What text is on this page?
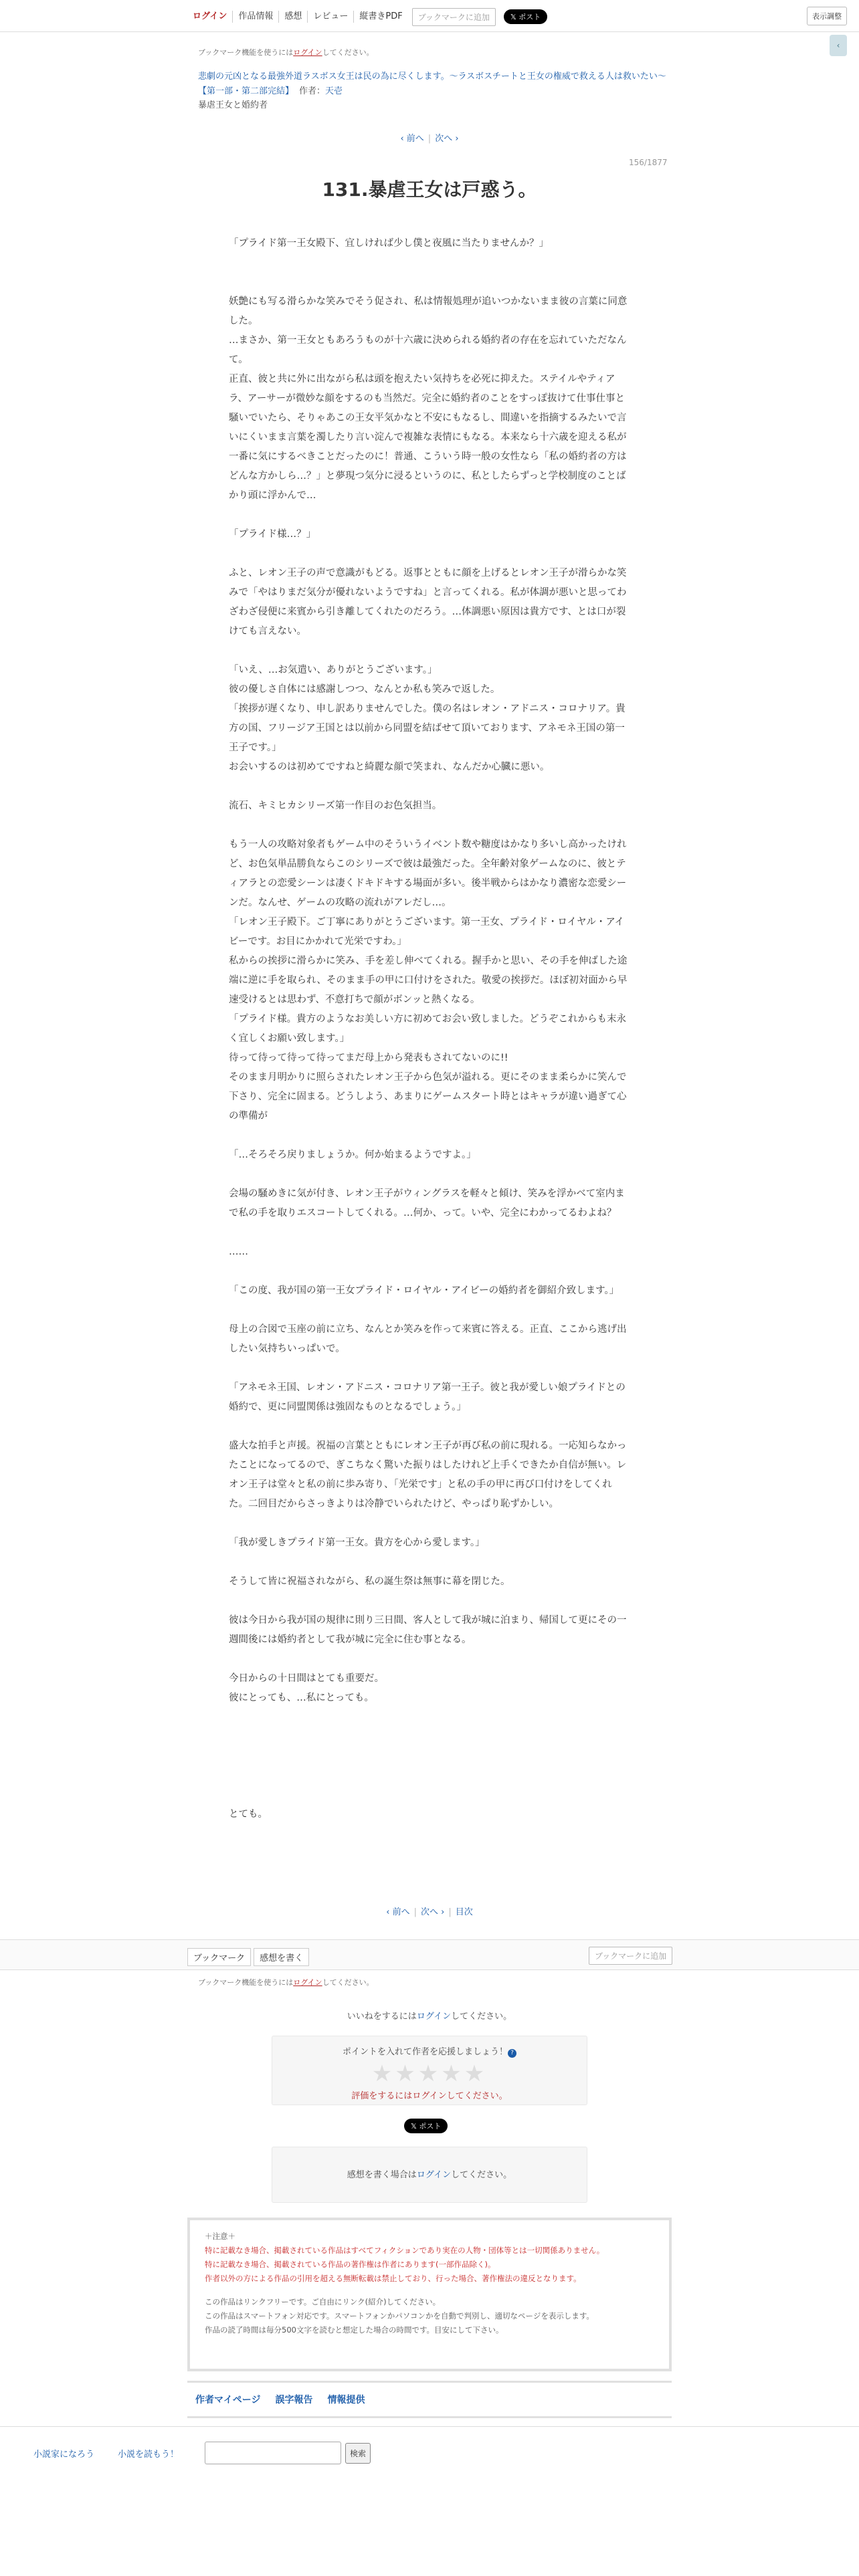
ログイン	作品情報	感想	レビュー	縦書きPDF	ブックマークに追加	𝕏 ポスト	表示調整
‹
ブックマーク機能を使うにはログインしてください。
悲劇の元凶となる最強外道ラスボス女王は民の為に尽くします。〜ラスボスチートと王女の権威で救える人は救いたい〜【第一部・第二部完結】 作者：天壱
暴虐王女と婚約者
‹ 前へ | 次へ ›
156/1877
131.暴虐王女は戸惑う。

「プライド第一王女殿下、宜しければ少し僕と夜風に当たりませんか？」

妖艶にも写る滑らかな笑みでそう促され、私は情報処理が追いつかないまま彼の言葉に同意した。
…まさか、第一王女ともあろうものが十六歳に決められる婚約者の存在を忘れていただなんて。
正直、彼と共に外に出ながら私は頭を抱えたい気持ちを必死に抑えた。ステイルやティアラ、アーサーが微妙な顔をするのも当然だ。完全に婚約者のことをすっぽ抜けて仕事仕事と騒いでいたら、そりゃあこの王女平気かなと不安にもなるし、間違いを指摘するみたいで言いにくいまま言葉を濁したり言い淀んで複雑な表情にもなる。本来なら十六歳を迎える私が一番に気にするべきことだったのに！普通、こういう時一般の女性なら「私の婚約者の方はどんな方かしら…？」と夢現つ気分に浸るというのに、私としたらずっと学校制度のことばかり頭に浮かんで…

「プライド様…？」

ふと、レオン王子の声で意識がもどる。返事とともに顔を上げるとレオン王子が滑らかな笑みで「やはりまだ気分が優れないようですね」と言ってくれる。私が体調が悪いと思ってわざわざ侵便に来賓から引き離してくれたのだろう。…体調悪い原因は貴方です、とは口が裂けても言えない。

「いえ、…お気遣い、ありがとうございます。」
彼の優しさ自体には感謝しつつ、なんとか私も笑みで返した。
「挨拶が遅くなり、申し訳ありませんでした。僕の名はレオン・アドニス・コロナリア。貴方の国、フリージア王国とは以前から同盟を結ばせて頂いております、アネモネ王国の第一王子です。」
お会いするのは初めてですねと綺麗な顔で笑まれ、なんだか心臓に悪い。

流石、キミヒカシリーズ第一作目のお色気担当。

もう一人の攻略対象者もゲーム中のそういうイベント数や糖度はかなり多いし高かったけれど、お色気単品勝負ならこのシリーズで彼は最強だった。全年齢対象ゲームなのに、彼とティアラとの恋愛シーンは凄くドキドキする場面が多い。後半戦からはかなり濃密な恋愛シーンだ。なんせ、ゲームの攻略の流れがアレだし…。
「レオン王子殿下。ご丁寧にありがとうございます。第一王女、プライド・ロイヤル・アイビーです。お目にかかれて光栄ですわ。」
私からの挨拶に滑らかに笑み、手を差し伸べてくれる。握手かと思い、その手を伸ばした途端に逆に手を取られ、そのまま手の甲に口付けをされた。敬愛の挨拶だ。ほぼ初対面から早速受けるとは思わず、不意打ちで顔がボンッと熱くなる。
「プライド様。貴方のようなお美しい方に初めてお会い致しました。どうぞこれからも末永く宜しくお願い致します。」
待って待って待って待ってまだ母上から発表もされてないのに!!
そのまま月明かりに照らされたレオン王子から色気が溢れる。更にそのまま柔らかに笑んで下さり、完全に固まる。どうしよう、あまりにゲームスタート時とはキャラが違い過ぎて心の準備が

「…そろそろ戻りましょうか。何か始まるようですよ。」

会場の騒めきに気が付き、レオン王子がウィングラスを軽々と傾け、笑みを浮かべて室内まで私の手を取りエスコートしてくれる。…何か、って。いや、完全にわかってるわよね？

……

「この度、我が国の第一王女プライド・ロイヤル・アイビーの婚約者を御紹介致します。」

母上の合図で玉座の前に立ち、なんとか笑みを作って来賓に答える。正直、ここから逃げ出したい気持ちいっぱいで。

「アネモネ王国、レオン・アドニス・コロナリア第一王子。彼と我が愛しい娘プライドとの婚約で、更に同盟関係は強固なものとなるでしょう。」

盛大な拍手と声援。祝福の言葉とともにレオン王子が再び私の前に現れる。一応知らなかったことになってるので、ぎこちなく驚いた振りはしたけれど上手くできたか自信が無い。レオン王子は堂々と私の前に歩み寄り、「光栄です」と私の手の甲に再び口付けをしてくれた。二回目だからさっきよりは冷静でいられたけど、やっぱり恥ずかしい。

「我が愛しきプライド第一王女。貴方を心から愛します。」

そうして皆に祝福されながら、私の誕生祭は無事に幕を閉じた。

彼は今日から我が国の規律に則り三日間、客人として我が城に泊まり、帰国して更にその一週間後には婚約者として我が城に完全に住む事となる。

今日からの十日間はとても重要だ。
彼にとっても、…私にとっても。

とても。

‹ 前へ | 次へ › | 目次
ブックマーク	感想を書く	ブックマークに追加
ブックマーク機能を使うにはログインしてください。
いいねをするにはログインしてください。
ポイントを入れて作者を応援しましょう！ ?
★★★★★
評価をするにはログインしてください。
𝕏 ポスト
感想を書く場合はログインしてください。
＋注意＋
特に記載なき場合、掲載されている作品はすべてフィクションであり実在の人物・団体等とは一切関係ありません。
特に記載なき場合、掲載されている作品の著作権は作者にあります(一部作品除く)。
作者以外の方による作品の引用を超える無断転載は禁止しており、行った場合、著作権法の違反となります。
この作品はリンクフリーです。ご自由にリンク(紹介)してください。
この作品はスマートフォン対応です。スマートフォンかパソコンかを自動で判別し、適切なページを表示します。
作品の読了時間は毎分500文字を読むと想定した場合の時間です。目安にして下さい。
作者マイページ 誤字報告 情報提供
小説家になろう	小説を読もう！	検索
